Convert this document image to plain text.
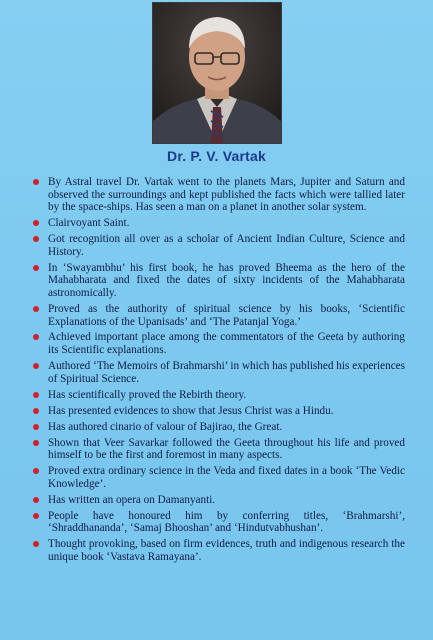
Dr. P. V. Vartak
By Astral travel Dr. Vartak went to the planets Mars, Jupiter and Saturn and observed the surroundings and kept published the facts which were tallied later by the space-ships. Has seen a man on a planet in another solar system.
Clairvoyant Saint.
Got recognition all over as a scholar of Ancient Indian Culture, Science and History.
In ‘Swayambhu’ his first book, he has proved Bheema as the hero of the Mahabharata and fixed the dates of sixty incidents of the Mahabharata astronomically.
Proved as the authority of spiritual science by his books, ‘Scientific Explanations of the Upanisads’ and ‘The Patanjal Yoga.’
Achieved important place among the commentators of the Geeta by authoring its Scientific explanations.
Authored ‘The Memoirs of Brahmarshi’ in which has published his experiences of Spiritual Science.
Has scientifically proved the Rebirth theory.
Has presented evidences to show that Jesus Christ was a Hindu.
Has authored cinario of valour of Bajirao, the Great.
Shown that Veer Savarkar followed the Geeta throughout his life and proved himself to be the first and foremost in many aspects.
Proved extra ordinary science in the Veda and fixed dates in a book ‘The Vedic Knowledge’.
Has written an opera on Damanyanti.
People have honoured him by conferring titles, ‘Brahmarshi’, ‘Shraddhananda’, ‘Samaj Bhooshan’ and ‘Hindutvabhushan’.
Thought provoking, based on firm evidences, truth and indigenous research the unique book ‘Vastava Ramayana’.
